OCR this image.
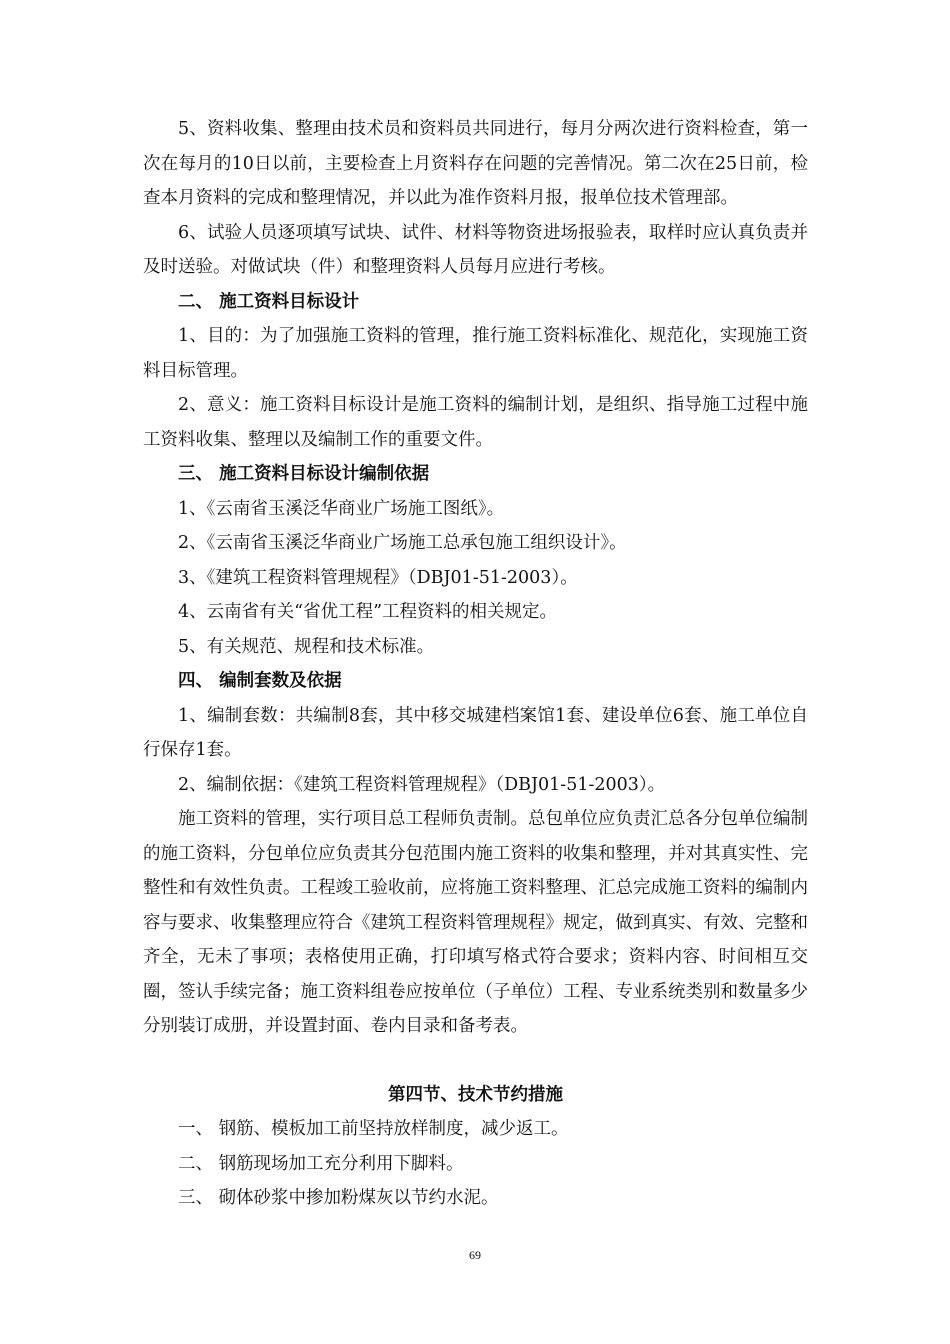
5、资料收集、整理由技术员和资料员共同进行，每月分两次进行资料检查，第一次在每月的10日以前，主要检查上月资料存在问题的完善情况。第二次在25日前，检查本月资料的完成和整理情况，并以此为准作资料月报，报单位技术管理部。

6、试验人员逐项填写试块、试件、材料等物资进场报验表，取样时应认真负责并及时送验。对做试块（件）和整理资料人员每月应进行考核。

二、 施工资料目标设计

1、目的：为了加强施工资料的管理，推行施工资料标准化、规范化，实现施工资料目标管理。

2、意义：施工资料目标设计是施工资料的编制计划，是组织、指导施工过程中施工资料收集、整理以及编制工作的重要文件。

三、 施工资料目标设计编制依据

1、《云南省玉溪泛华商业广场施工图纸》。

2、《云南省玉溪泛华商业广场施工总承包施工组织设计》。

3、《建筑工程资料管理规程》（DBJ01-51-2003）。

4、云南省有关“省优工程”工程资料的相关规定。

5、有关规范、规程和技术标准。

四、 编制套数及依据

1、编制套数：共编制8套，其中移交城建档案馆1套、建设单位6套、施工单位自行保存1套。

2、编制依据：《建筑工程资料管理规程》（DBJ01-51-2003）。

施工资料的管理，实行项目总工程师负责制。总包单位应负责汇总各分包单位编制的施工资料，分包单位应负责其分包范围内施工资料的收集和整理，并对其真实性、完整性和有效性负责。工程竣工验收前，应将施工资料整理、汇总完成施工资料的编制内容与要求、收集整理应符合《建筑工程资料管理规程》规定，做到真实、有效、完整和齐全，无未了事项；表格使用正确，打印填写格式符合要求；资料内容、时间相互交圈，签认手续完备；施工资料组卷应按单位（子单位）工程、专业系统类别和数量多少分别装订成册，并设置封面、卷内目录和备考表。

第四节、技术节约措施

一、 钢筋、模板加工前坚持放样制度，减少返工。

二、 钢筋现场加工充分利用下脚料。

三、 砌体砂浆中掺加粉煤灰以节约水泥。

69
